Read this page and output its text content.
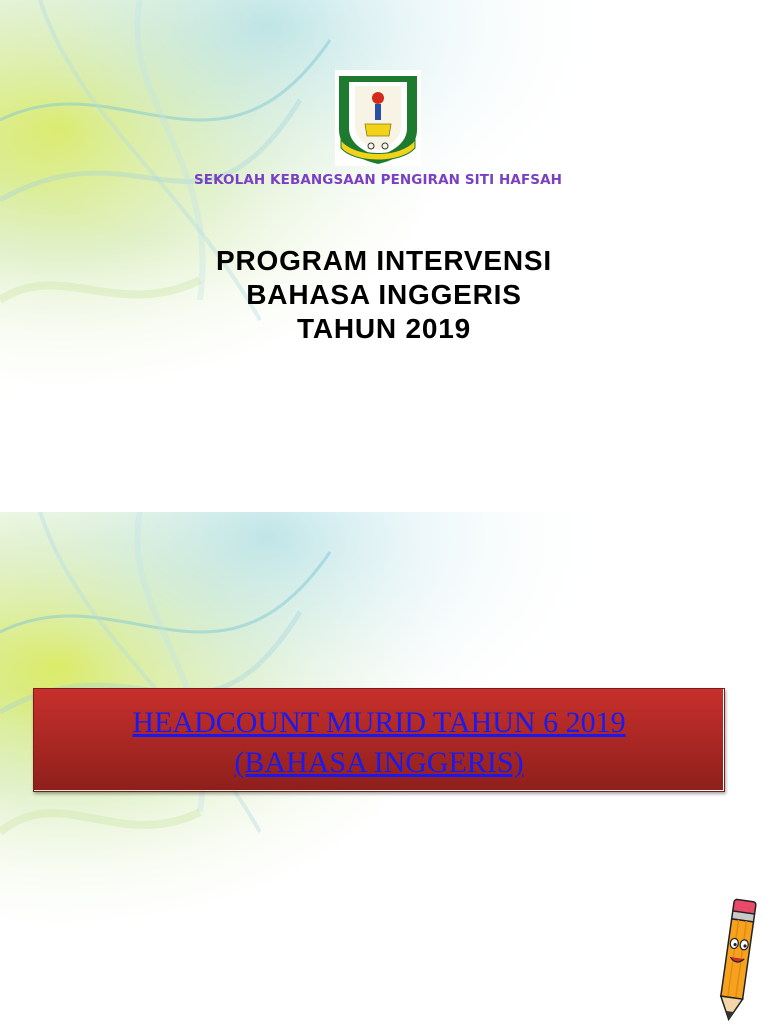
SEKOLAH KEBANGSAAN PENGIRAN SITI HAFSAH
PROGRAM INTERVENSI
BAHASA INGGERIS
TAHUN 2019
HEADCOUNT MURID TAHUN 6 2019
(BAHASA INGGERIS)
